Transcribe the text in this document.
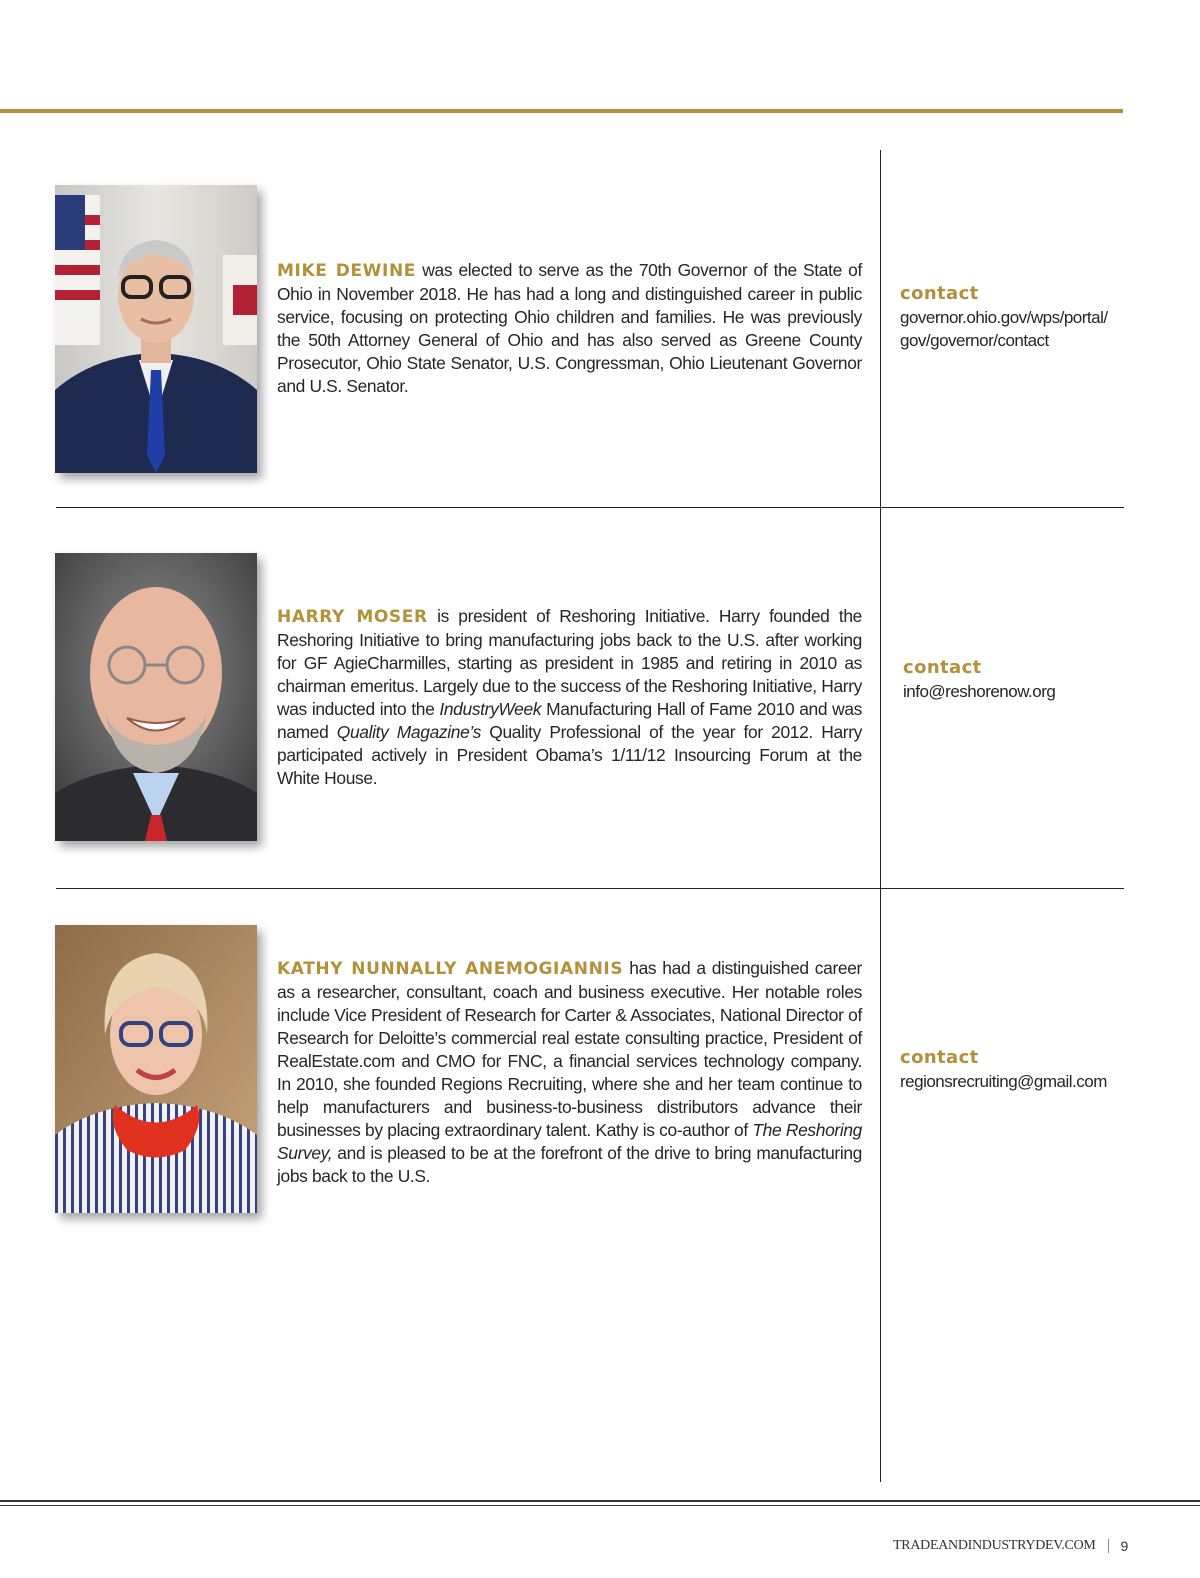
MIKE DEWINE was elected to serve as the 70th Governor of the State of Ohio in November 2018. He has had a long and distinguished career in public service, focusing on protecting Ohio children and families. He was previously the 50th Attorney General of Ohio and has also served as Greene County Prosecutor, Ohio State Senator, U.S. Congressman, Ohio Lieutenant Governor and U.S. Senator.
contact
governor.ohio.gov/wps/portal/
gov/governor/contact
HARRY MOSER is president of Reshoring Initiative. Harry founded the Reshoring Initiative to bring manufacturing jobs back to the U.S. after working for GF AgieCharmilles, starting as president in 1985 and retiring in 2010 as chairman emeritus. Largely due to the success of the Reshoring Initiative, Harry was inducted into the IndustryWeek Manufacturing Hall of Fame 2010 and was named Quality Magazine’s Quality Professional of the year for 2012. Harry participated actively in President Obama’s 1/11/12 Insourcing Forum at the White House.
contact
info@reshorenow.org
KATHY NUNNALLY ANEMOGIANNIS has had a distinguished career as a researcher, consultant, coach and business executive. Her notable roles include Vice President of Research for Carter & Associates, National Director of Research for Deloitte’s commercial real estate consulting practice, President of RealEstate.com and CMO for FNC, a financial services technology company. In 2010, she founded Regions Recruiting, where she and her team continue to help manufacturers and business-to-business distributors advance their businesses by placing extraordinary talent. Kathy is co-author of The Reshoring Survey, and is pleased to be at the forefront of the drive to bring manufacturing jobs back to the U.S.
contact
regionsrecruiting@gmail.com
TRADEANDINDUSTRYDEV.COM 9
